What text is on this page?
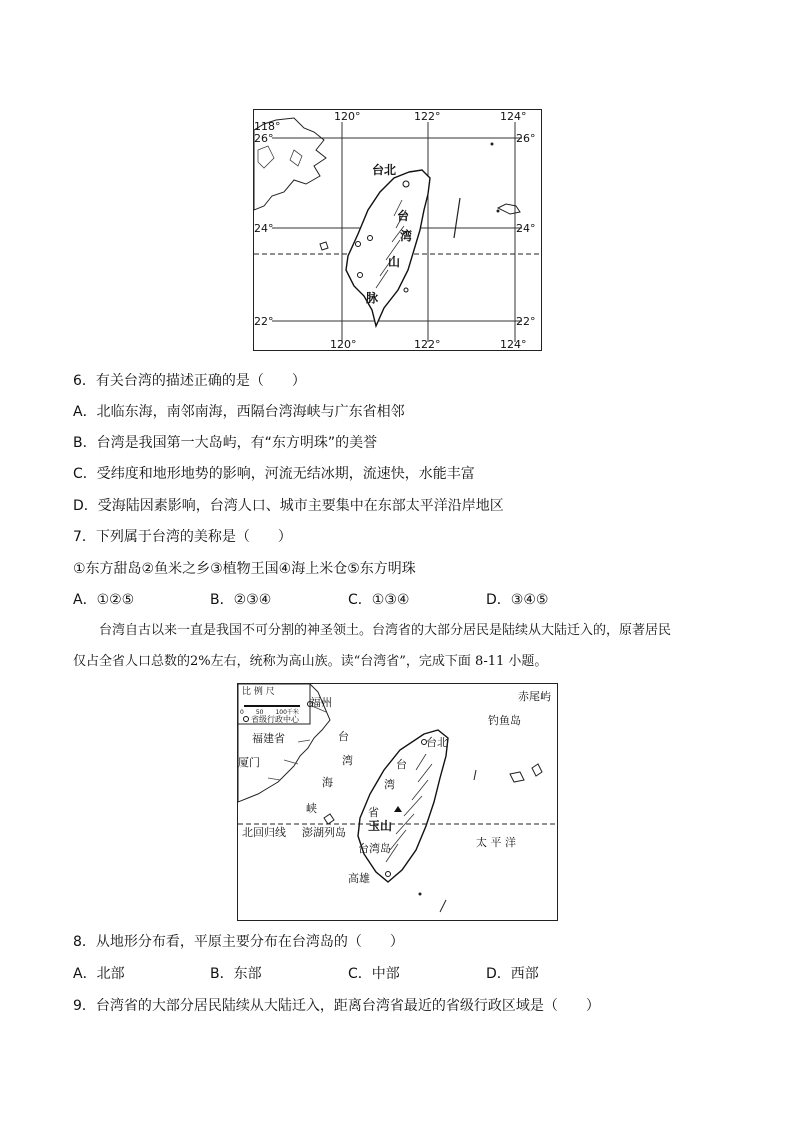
120°	122°	124°
118°
26°	26°
24°	24°
22°	22°
120°	122°	124°
台北
台
湾
山
脉
6．有关台湾的描述正确的是（　　）
A．北临东海，南邻南海，西隔台湾海峡与广东省相邻
B．台湾是我国第一大岛屿，有“东方明珠”的美誉
C．受纬度和地形地势的影响，河流无结冰期，流速快，水能丰富
D．受海陆因素影响，台湾人口、城市主要集中在东部太平洋沿岸地区
7．下列属于台湾的美称是（　　）
①东方甜岛②鱼米之乡③植物王国④海上米仓⑤东方明珠
A．①②⑤	B．②③④	C．①③④	D．③④⑤
台湾自古以来一直是我国不可分割的神圣领土。台湾省的大部分居民是陆续从大陆迁入的，原著居民
仅占全省人口总数的2%左右，统称为高山族。读“台湾省”，完成下面 8-11 小题。
比 例 尺
0　　50　　100千米
省级行政中心
福州
福建省
厦门
台
湾
海
峡
赤尾屿
钓鱼岛
台北
台
湾
省
玉山
北回归线 澎湖列岛
台湾岛
高雄
太 平 洋
8．从地形分布看，平原主要分布在台湾岛的（　　）
A．北部	B．东部	C．中部	D．西部
9．台湾省的大部分居民陆续从大陆迁入，距离台湾省最近的省级行政区域是（　　）
